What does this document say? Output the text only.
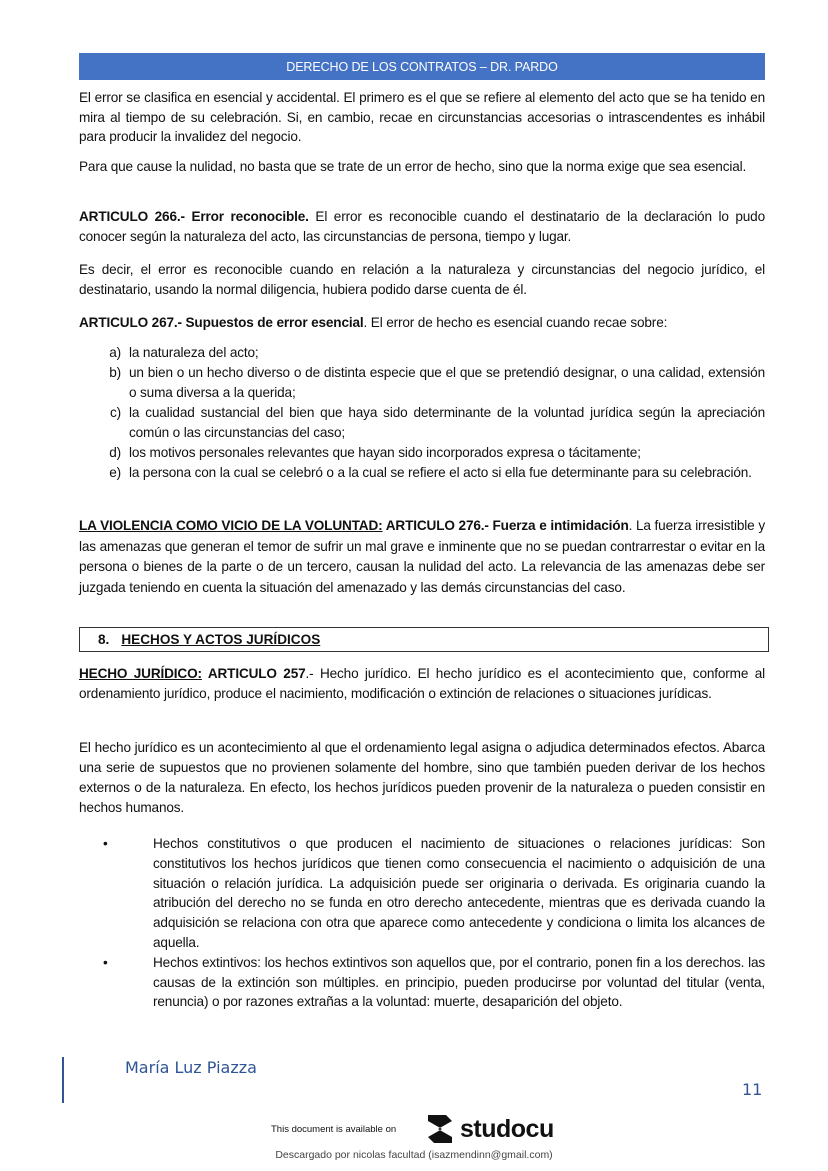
DERECHO DE LOS CONTRATOS – DR. PARDO

El error se clasifica en esencial y accidental. El primero es el que se refiere al elemento del acto que se ha tenido en mira al tiempo de su celebración. Si, en cambio, recae en circunstancias accesorias o intrascendentes es inhábil para producir la invalidez del negocio.

Para que cause la nulidad, no basta que se trate de un error de hecho, sino que la norma exige que sea esencial.

ARTICULO 266.- Error reconocible. El error es reconocible cuando el destinatario de la declaración lo pudo conocer según la naturaleza del acto, las circunstancias de persona, tiempo y lugar.

Es decir, el error es reconocible cuando en relación a la naturaleza y circunstancias del negocio jurídico, el destinatario, usando la normal diligencia, hubiera podido darse cuenta de él.

ARTICULO 267.- Supuestos de error esencial. El error de hecho es esencial cuando recae sobre:

a) la naturaleza del acto;
b) un bien o un hecho diverso o de distinta especie que el que se pretendió designar, o una calidad, extensión o suma diversa a la querida;
c) la cualidad sustancial del bien que haya sido determinante de la voluntad jurídica según la apreciación común o las circunstancias del caso;
d) los motivos personales relevantes que hayan sido incorporados expresa o tácitamente;
e) la persona con la cual se celebró o a la cual se refiere el acto si ella fue determinante para su celebración.

LA VIOLENCIA COMO VICIO DE LA VOLUNTAD: ARTICULO 276.- Fuerza e intimidación. La fuerza irresistible y las amenazas que generan el temor de sufrir un mal grave e inminente que no se puedan contrarrestar o evitar en la persona o bienes de la parte o de un tercero, causan la nulidad del acto. La relevancia de las amenazas debe ser juzgada teniendo en cuenta la situación del amenazado y las demás circunstancias del caso.

8. HECHOS Y ACTOS JURÍDICOS

HECHO JURÍDICO: ARTICULO 257.- Hecho jurídico. El hecho jurídico es el acontecimiento que, conforme al ordenamiento jurídico, produce el nacimiento, modificación o extinción de relaciones o situaciones jurídicas.

El hecho jurídico es un acontecimiento al que el ordenamiento legal asigna o adjudica determinados efectos. Abarca una serie de supuestos que no provienen solamente del hombre, sino que también pueden derivar de los hechos externos o de la naturaleza. En efecto, los hechos jurídicos pueden provenir de la naturaleza o pueden consistir en hechos humanos.

•	Hechos constitutivos o que producen el nacimiento de situaciones o relaciones jurídicas: Son constitutivos los hechos jurídicos que tienen como consecuencia el nacimiento o adquisición de una situación o relación jurídica. La adquisición puede ser originaria o derivada. Es originaria cuando la atribución del derecho no se funda en otro derecho antecedente, mientras que es derivada cuando la adquisición se relaciona con otra que aparece como antecedente y condiciona o limita los alcances de aquella.
•	Hechos extintivos: los hechos extintivos son aquellos que, por el contrario, ponen fin a los derechos. las causas de la extinción son múltiples. en principio, pueden producirse por voluntad del titular (venta, renuncia) o por razones extrañas a la voluntad: muerte, desaparición del objeto.
María Luz Piazza
11
This document is available on	studocu
Descargado por nicolas facultad (isazmendinn@gmail.com)
